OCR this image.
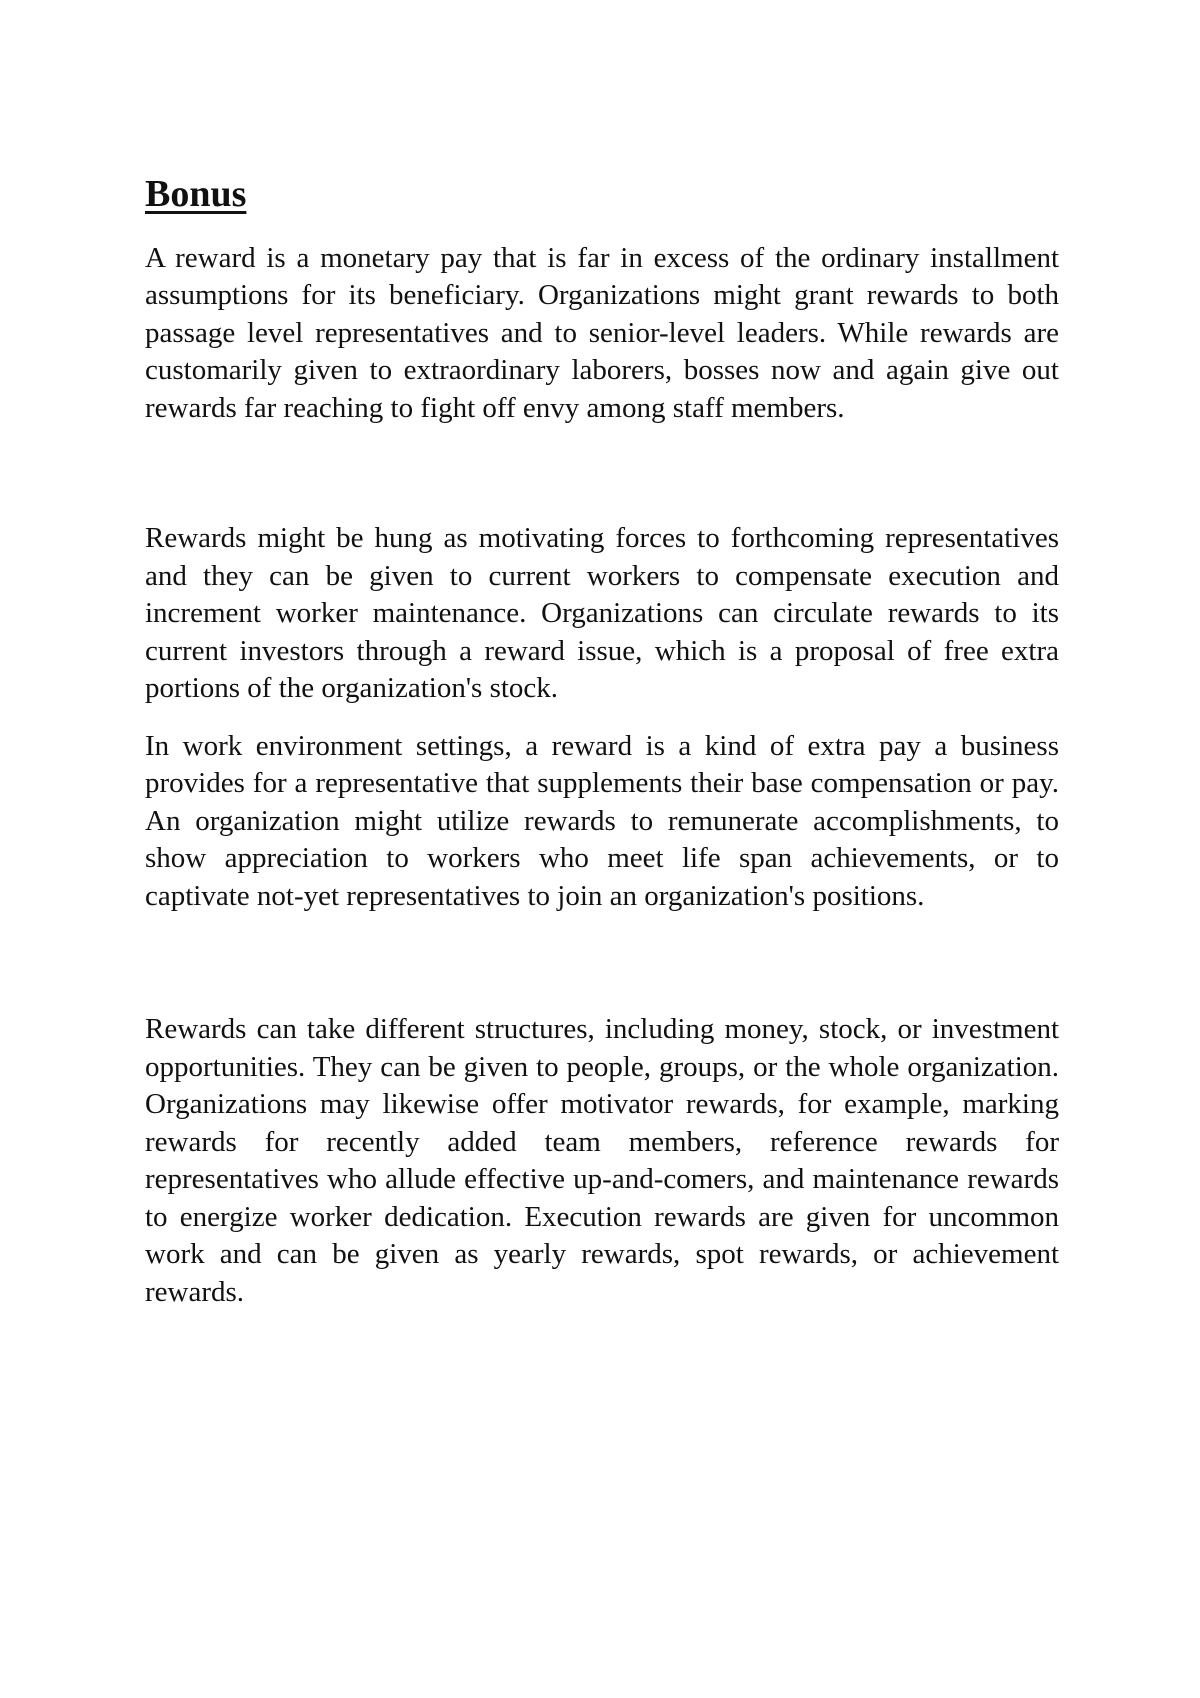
Bonus

A reward is a monetary pay that is far in excess of the ordinary installment assumptions for its beneficiary. Organizations might grant rewards to both passage level representatives and to senior-level leaders. While rewards are customarily given to extraordinary laborers, bosses now and again give out rewards far reaching to fight off envy among staff members.

Rewards might be hung as motivating forces to forthcoming representatives and they can be given to current workers to compensate execution and increment worker maintenance. Organizations can circulate rewards to its current investors through a reward issue, which is a proposal of free extra portions of the organization's stock.

In work environment settings, a reward is a kind of extra pay a business provides for a representative that supplements their base compensation or pay. An organization might utilize rewards to remunerate accomplishments, to show appreciation to workers who meet life span achievements, or to captivate not-yet representatives to join an organization's positions.

Rewards can take different structures, including money, stock, or investment opportunities. They can be given to people, groups, or the whole organization. Organizations may likewise offer motivator rewards, for example, marking rewards for recently added team members, reference rewards for representatives who allude effective up-and-comers, and maintenance rewards to energize worker dedication. Execution rewards are given for uncommon work and can be given as yearly rewards, spot rewards, or achievement rewards.
